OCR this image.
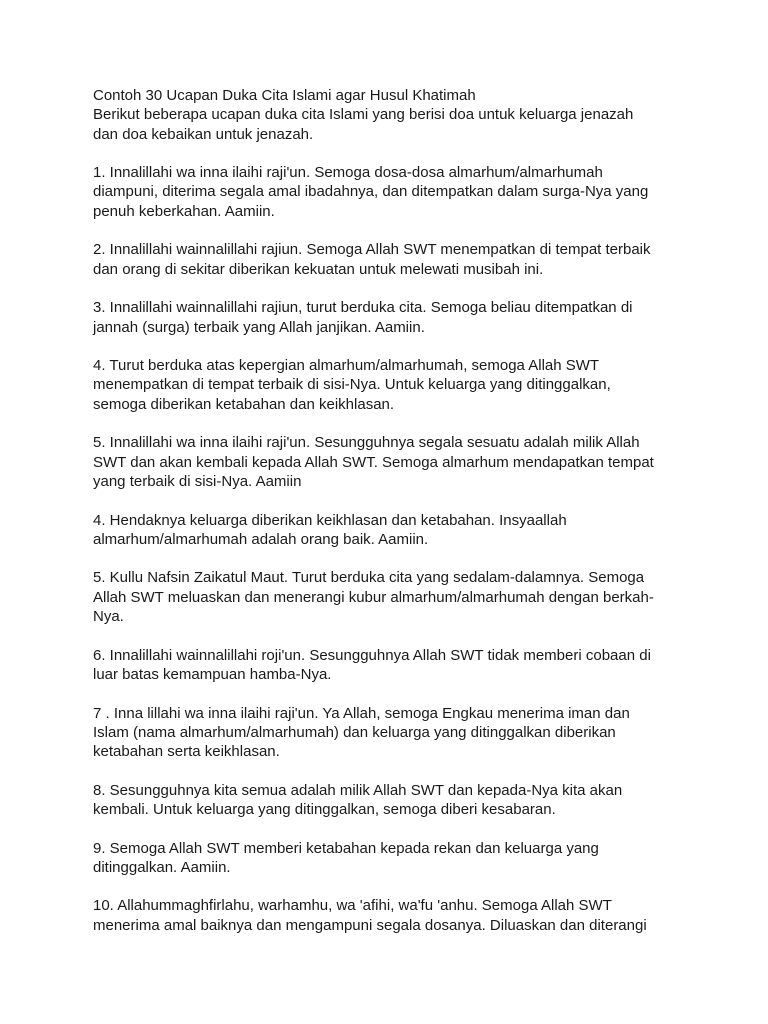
Contoh 30 Ucapan Duka Cita Islami agar Husul Khatimah
Berikut beberapa ucapan duka cita Islami yang berisi doa untuk keluarga jenazah
dan doa kebaikan untuk jenazah.

1. Innalillahi wa inna ilaihi raji'un. Semoga dosa-dosa almarhum/almarhumah
diampuni, diterima segala amal ibadahnya, dan ditempatkan dalam surga-Nya yang
penuh keberkahan. Aamiin.

2. Innalillahi wainnalillahi rajiun. Semoga Allah SWT menempatkan di tempat terbaik
dan orang di sekitar diberikan kekuatan untuk melewati musibah ini.

3. Innalillahi wainnalillahi rajiun, turut berduka cita. Semoga beliau ditempatkan di
jannah (surga) terbaik yang Allah janjikan. Aamiin.

4. Turut berduka atas kepergian almarhum/almarhumah, semoga Allah SWT
menempatkan di tempat terbaik di sisi-Nya. Untuk keluarga yang ditinggalkan,
semoga diberikan ketabahan dan keikhlasan.

5. Innalillahi wa inna ilaihi raji'un. Sesungguhnya segala sesuatu adalah milik Allah
SWT dan akan kembali kepada Allah SWT. Semoga almarhum mendapatkan tempat
yang terbaik di sisi-Nya. Aamiin

4. Hendaknya keluarga diberikan keikhlasan dan ketabahan. Insyaallah
almarhum/almarhumah adalah orang baik. Aamiin.

5. Kullu Nafsin Zaikatul Maut. Turut berduka cita yang sedalam-dalamnya. Semoga
Allah SWT meluaskan dan menerangi kubur almarhum/almarhumah dengan berkah-
Nya.

6. Innalillahi wainnalillahi roji'un. Sesungguhnya Allah SWT tidak memberi cobaan di
luar batas kemampuan hamba-Nya.

7 . Inna lillahi wa inna ilaihi raji'un. Ya Allah, semoga Engkau menerima iman dan
Islam (nama almarhum/almarhumah) dan keluarga yang ditinggalkan diberikan
ketabahan serta keikhlasan.

8. Sesungguhnya kita semua adalah milik Allah SWT dan kepada-Nya kita akan
kembali. Untuk keluarga yang ditinggalkan, semoga diberi kesabaran.

9. Semoga Allah SWT memberi ketabahan kepada rekan dan keluarga yang
ditinggalkan. Aamiin.

10. Allahummaghfirlahu, warhamhu, wa 'afihi, wa'fu 'anhu. Semoga Allah SWT
menerima amal baiknya dan mengampuni segala dosanya. Diluaskan dan diterangi
